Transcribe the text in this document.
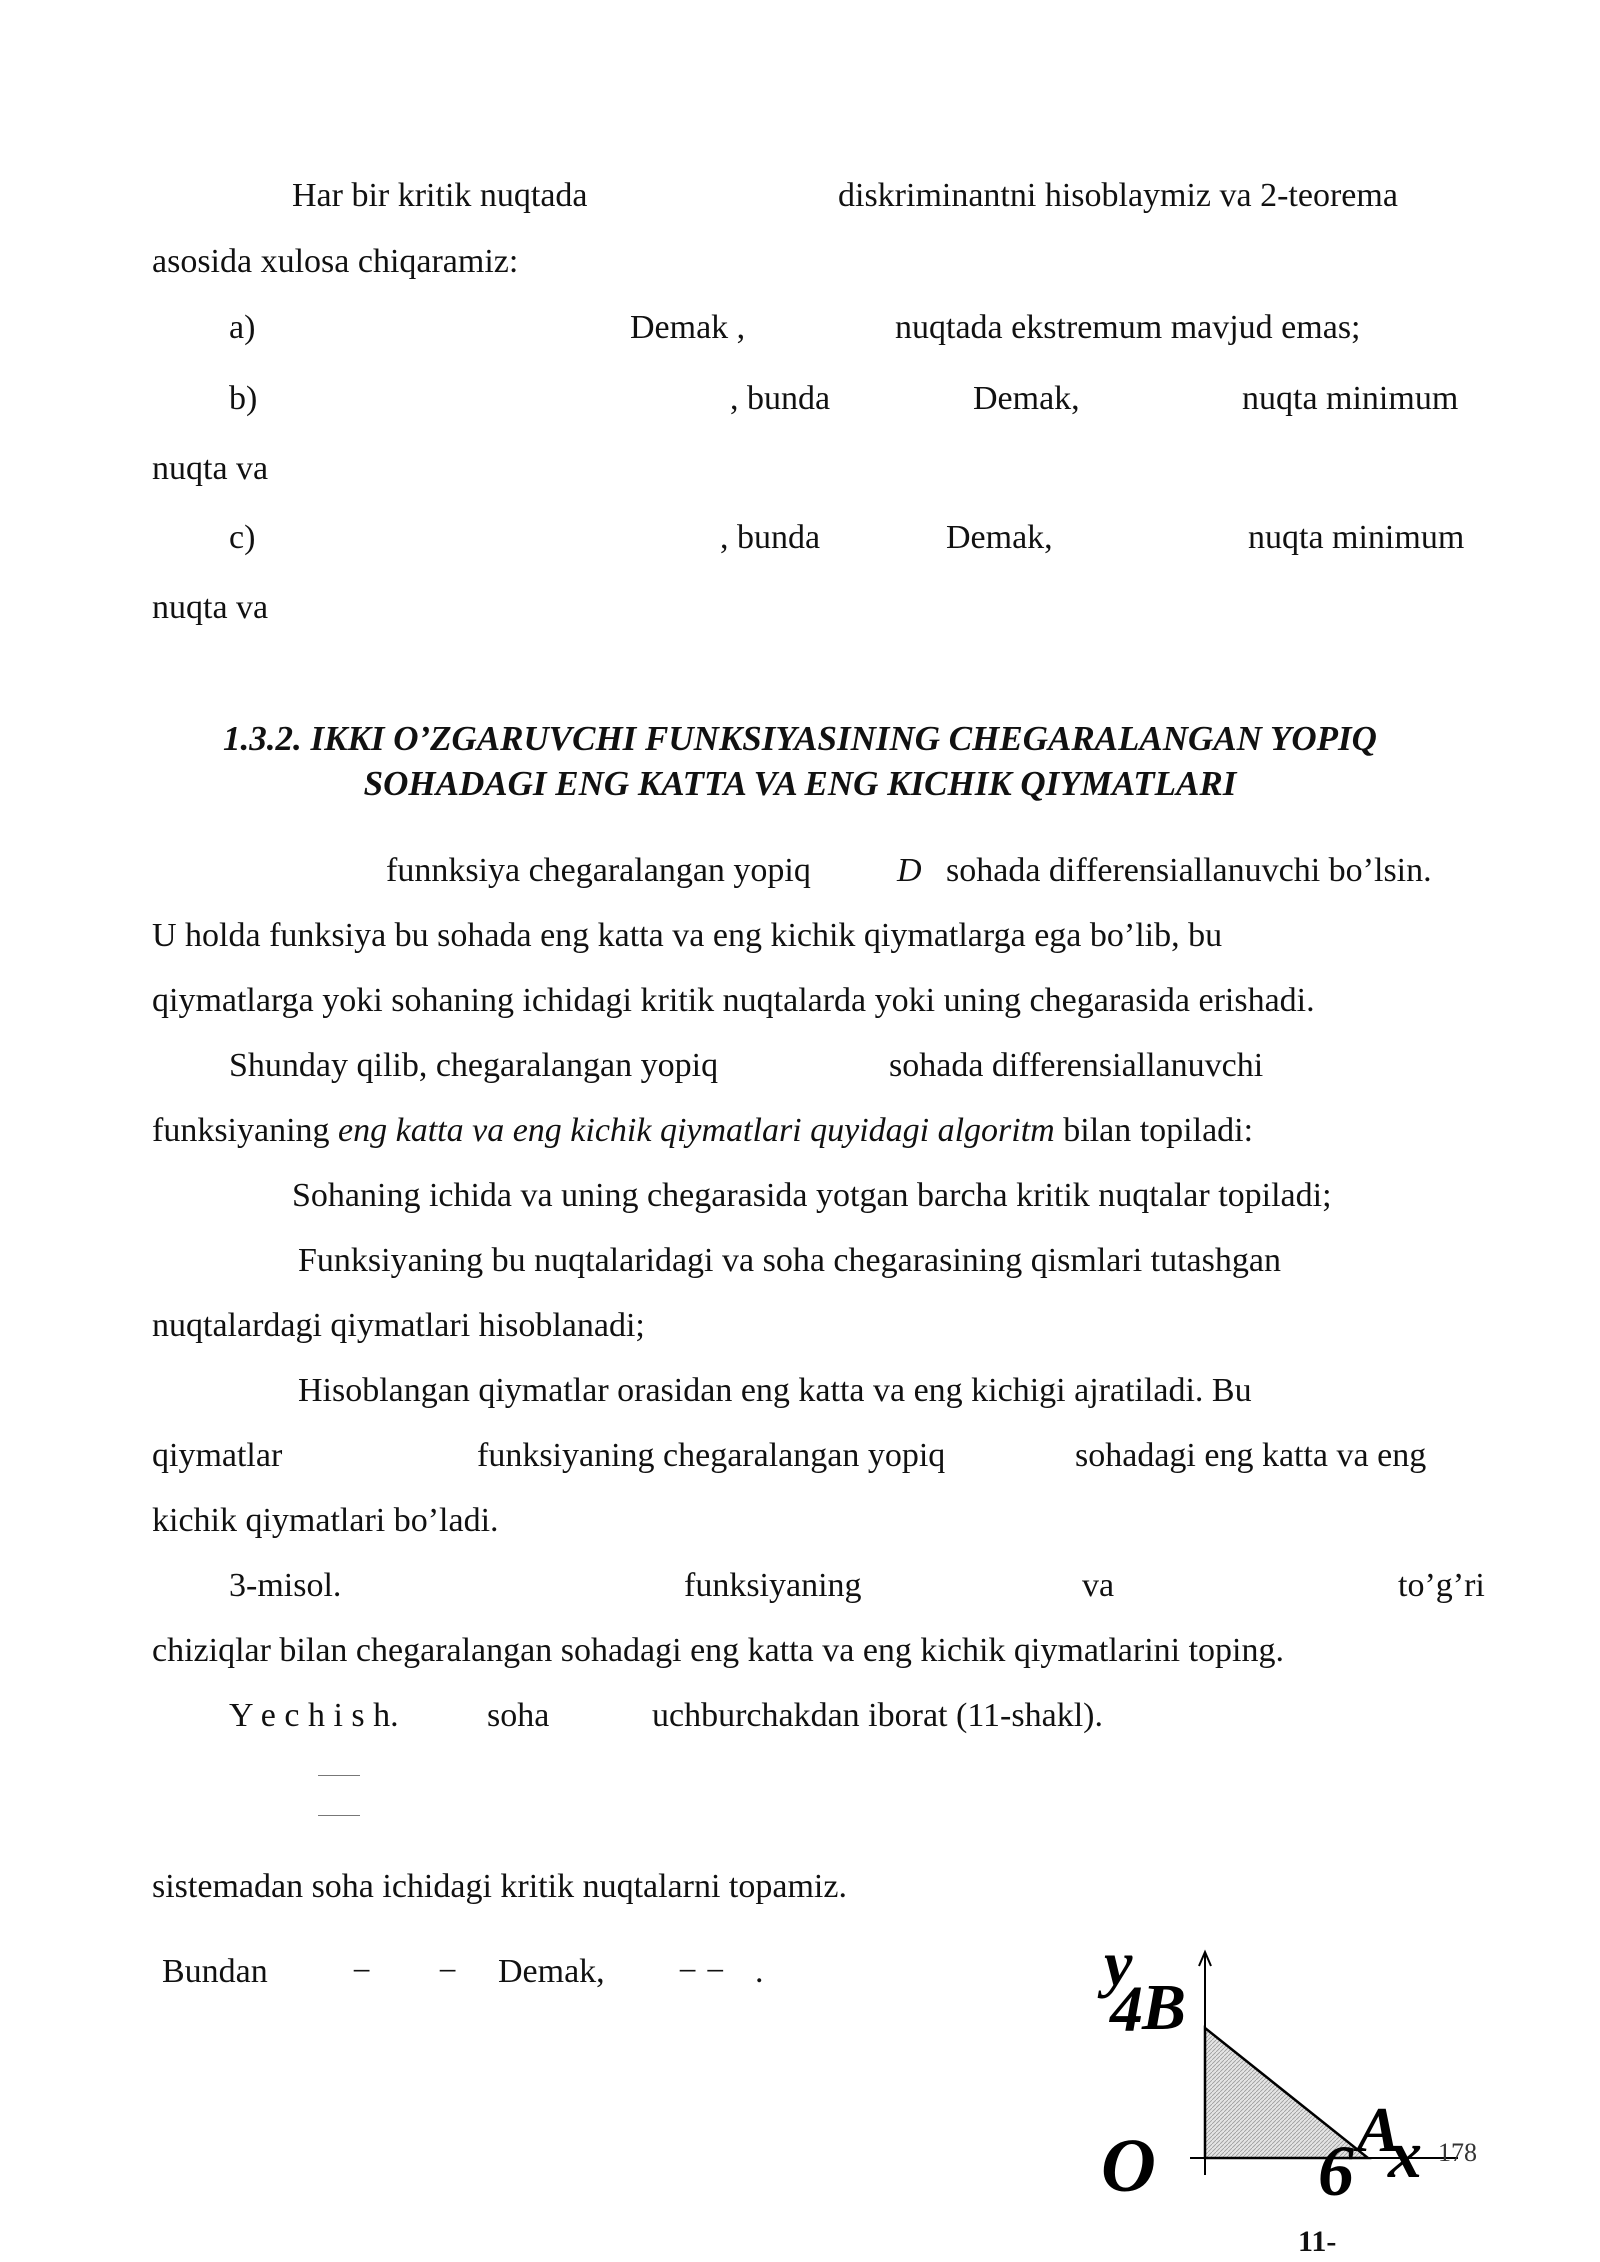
Har bir kritik nuqtada	diskriminantni hisoblaymiz va 2-teorema
asosida xulosa chiqaramiz:
a)	Demak ,	nuqtada ekstremum mavjud emas;
b)	, bunda	Demak,	nuqta minimum
nuqta va
c)	, bunda	Demak,	nuqta minimum
nuqta va
1.3.2. IKKI O’ZGARUVCHI FUNKSIYASINING CHEGARALANGAN YOPIQ
SOHADAGI ENG KATTA VA ENG KICHIK QIYMATLARI
funnksiya chegaralangan yopiq	D sohada differensiallanuvchi bo’lsin.
U holda funksiya bu sohada eng katta va eng kichik qiymatlarga ega bo’lib, bu
qiymatlarga yoki sohaning ichidagi kritik nuqtalarda yoki uning chegarasida erishadi.
Shunday qilib, chegaralangan yopiq	sohada differensiallanuvchi
funksiyaning eng katta va eng kichik qiymatlari quyidagi algoritm bilan topiladi:
Sohaning ichida va uning chegarasida yotgan barcha kritik nuqtalar topiladi;
Funksiyaning bu nuqtalaridagi va soha chegarasining qismlari tutashgan
nuqtalardagi qiymatlari hisoblanadi;
Hisoblangan qiymatlar orasidan eng katta va eng kichigi ajratiladi. Bu
qiymatlar	funksiyaning chegaralangan yopiq	sohadagi eng katta va eng
kichik qiymatlari bo’ladi.
3-misol.	funksiyaning	va	to’g’ri
chiziqlar bilan chegaralangan sohadagi eng katta va eng kichik qiymatlarini toping.
Y e c h i s h.	soha	uchburchakdan iborat (11-shakl).
sistemadan soha ichidagi kritik nuqtalarni topamiz.
Bundan − − Demak, − − .	y
4 B
O 6
A
x 178
11-
